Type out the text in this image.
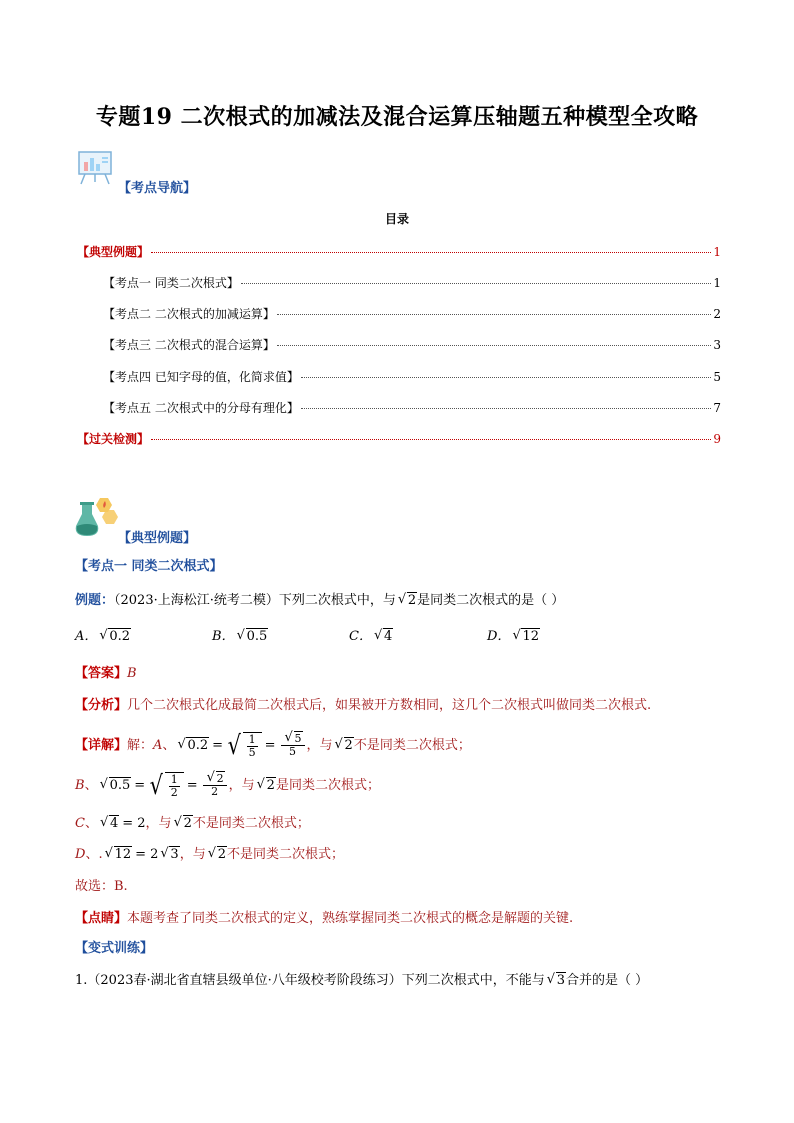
专题19 二次根式的加减法及混合运算压轴题五种模型全攻略
【考点导航】
目录
【典型例题】	1
【考点一 同类二次根式】	1
【考点二 二次根式的加减运算】	2
【考点三 二次根式的混合运算】	3
【考点四 已知字母的值，化简求值】	5
【考点五 二次根式中的分母有理化】	7
【过关检测】	9
【典型例题】
【考点一 同类二次根式】
例题：（2023·上海松江·统考二模）下列二次根式中，与 √ 2是同类二次根式的是（ ）
A． √ 0.2	B． √ 0.5	C． √ 4	D． √ 12
【答案】B
【分析】几个二次根式化成最简二次根式后，如果被开方数相同，这几个二次根式叫做同类二次根式.
【详解】 解： A 、 √ 0.2 = √ $\frac{1}{5}$ = √ $\frac{5}{5}$ ，与 √ 2 不是同类二次根式；
B 、 √ 0.5 = √ $\frac{1}{2}$ = √ $\frac{2}{2}$ ，与 √ 2 是同类二次根式；
C、 √ 4 = 2，与 √ 2不是同类二次根式；
D、. √ 12 = 2 √ 3，与 √ 2不是同类二次根式；
故选：B.
【点睛】本题考查了同类二次根式的定义，熟练掌握同类二次根式的概念是解题的关键.
【变式训练】
1.（2023春·湖北省直辖县级单位·八年级校考阶段练习）下列二次根式中，不能与 √ 3合并的是（ ）
